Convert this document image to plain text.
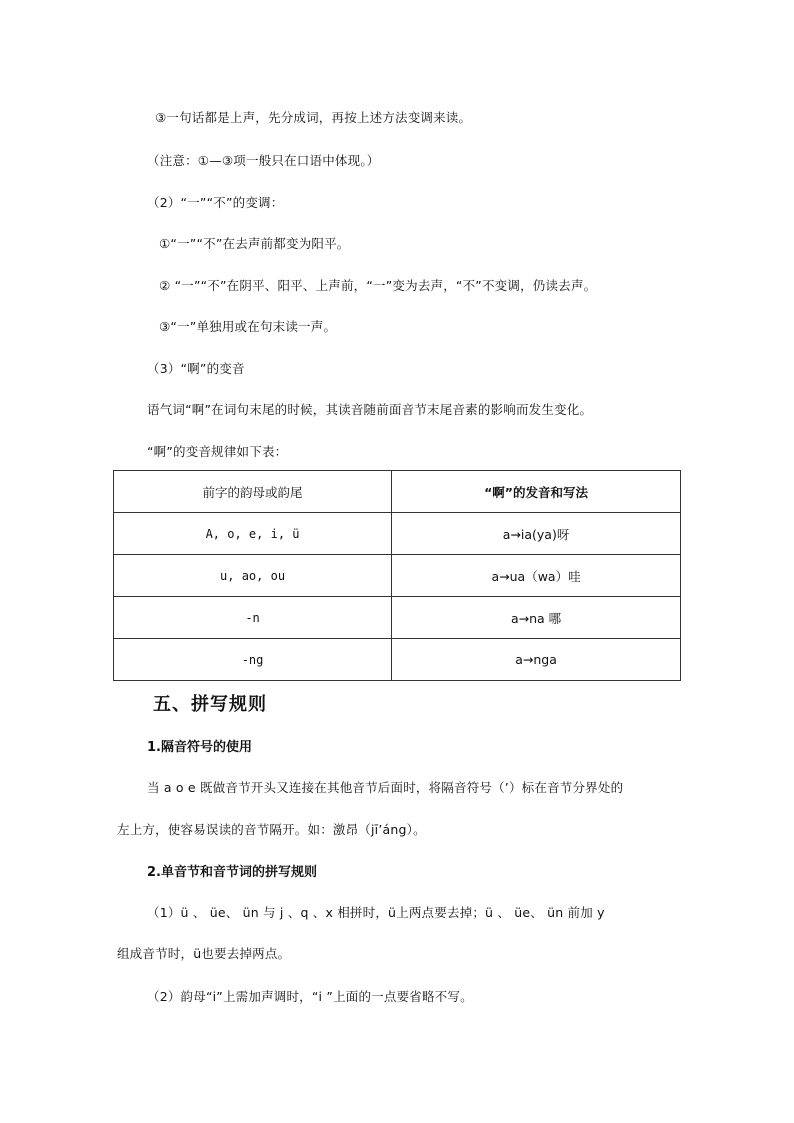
③一句话都是上声，先分成词，再按上述方法变调来读。
（注意：①—③项一般只在口语中体现。）
（2）“一”“不”的变调：
①“一”“不”在去声前都变为阳平。
② “一”“不”在阴平、阳平、上声前，“一”变为去声，“不”不变调，仍读去声。
③“一”单独用或在句末读一声。
（3）“啊”的变音
语气词“啊”在词句末尾的时候，其读音随前面音节末尾音素的影响而发生变化。
“啊”的变音规律如下表：
前字的韵母或韵尾	“啊”的发音和写法
A, o, e, i, ü	a→ia(ya)呀
u, ao, ou	a→ua（wa）哇
-n	a→na 哪
-ng	a→nga
五、拼写规则
1.隔音符号的使用
当 a o e 既做音节开头又连接在其他音节后面时，将隔音符号（’）标在音节分界处的
左上方，使容易误读的音节隔开。如：激昂（jī’áng）。
2.单音节和音节词的拼写规则
（1）ü 、 üe、 ün 与 j 、q 、x 相拼时，ü上两点要去掉；ü 、 üe、 ün 前加 y
组成音节时，ü也要去掉两点。
（2）韵母“i”上需加声调时，“i ”上面的一点要省略不写。
